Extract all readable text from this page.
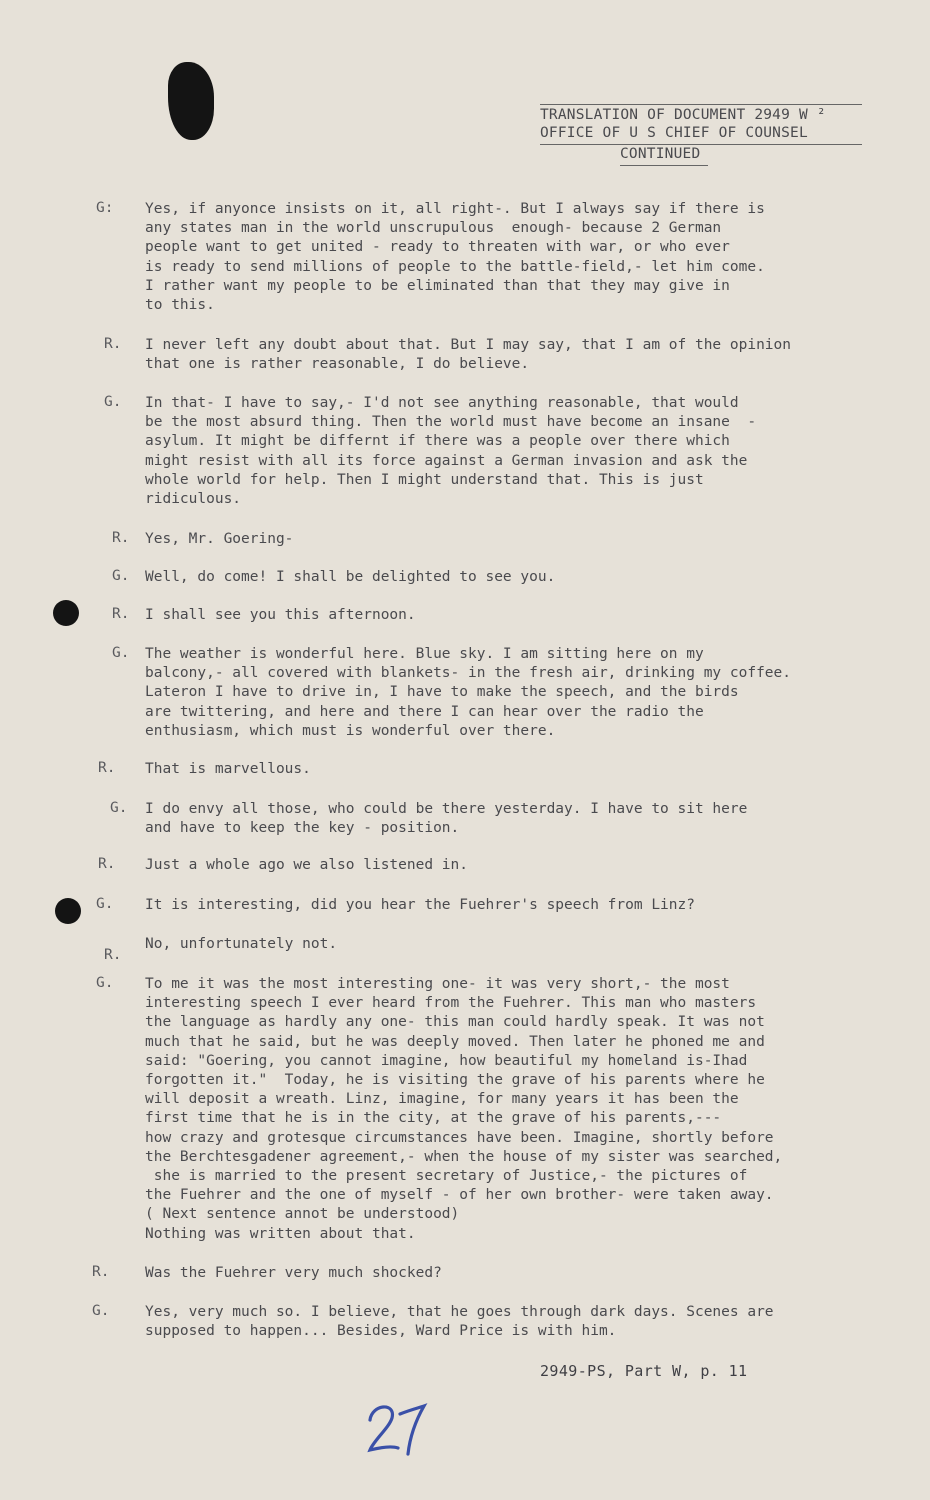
TRANSLATION OF DOCUMENT 2949 W ²
OFFICE OF U S CHIEF OF COUNSEL
CONTINUED
G: Yes, if anyonce insists on it, all right-. But I always say if there is
any states man in the world unscrupulous  enough- because 2 German
people want to get united - ready to threaten with war, or who ever
is ready to send millions of people to the battle-field,- let him come.
I rather want my people to be eliminated than that they may give in
to this.
R. I never left any doubt about that. But I may say, that I am of the opinion
that one is rather reasonable, I do believe.
G. In that- I have to say,- I'd not see anything reasonable, that would
be the most absurd thing. Then the world must have become an insane  -
asylum. It might be differnt if there was a people over there which
might resist with all its force against a German invasion and ask the
whole world for help. Then I might understand that. This is just
ridiculous.
R. Yes, Mr. Goering-
G. Well, do come! I shall be delighted to see you.
R. I shall see you this afternoon.
G. The weather is wonderful here. Blue sky. I am sitting here on my
balcony,- all covered with blankets- in the fresh air, drinking my coffee.
Lateron I have to drive in, I have to make the speech, and the birds
are twittering, and here and there I can hear over the radio the
enthusiasm, which must is wonderful over there.
R. That is marvellous.
G. I do envy all those, who could be there yesterday. I have to sit here
and have to keep the key - position.
R. Just a whole ago we also listened in.
G. It is interesting, did you hear the Fuehrer's speech from Linz?
R.
No, unfortunately not.
G. To me it was the most interesting one- it was very short,- the most
interesting speech I ever heard from the Fuehrer. This man who masters
the language as hardly any one- this man could hardly speak. It was not
much that he said, but he was deeply moved. Then later he phoned me and
said: "Goering, you cannot imagine, how beautiful my homeland is-Ihad
forgotten it."  Today, he is visiting the grave of his parents where he
will deposit a wreath. Linz, imagine, for many years it has been the
first time that he is in the city, at the grave of his parents,---
how crazy and grotesque circumstances have been. Imagine, shortly before
the Berchtesgadener agreement,- when the house of my sister was searched,
she is married to the present secretary of Justice,- the pictures of
the Fuehrer and the one of myself - of her own brother- were taken away.
( Next sentence annot be understood)
Nothing was written about that.
R. Was the Fuehrer very much shocked?
G. Yes, very much so. I believe, that he goes through dark days. Scenes are
supposed to happen... Besides, Ward Price is with him.
2949-PS, Part W, p. 11
